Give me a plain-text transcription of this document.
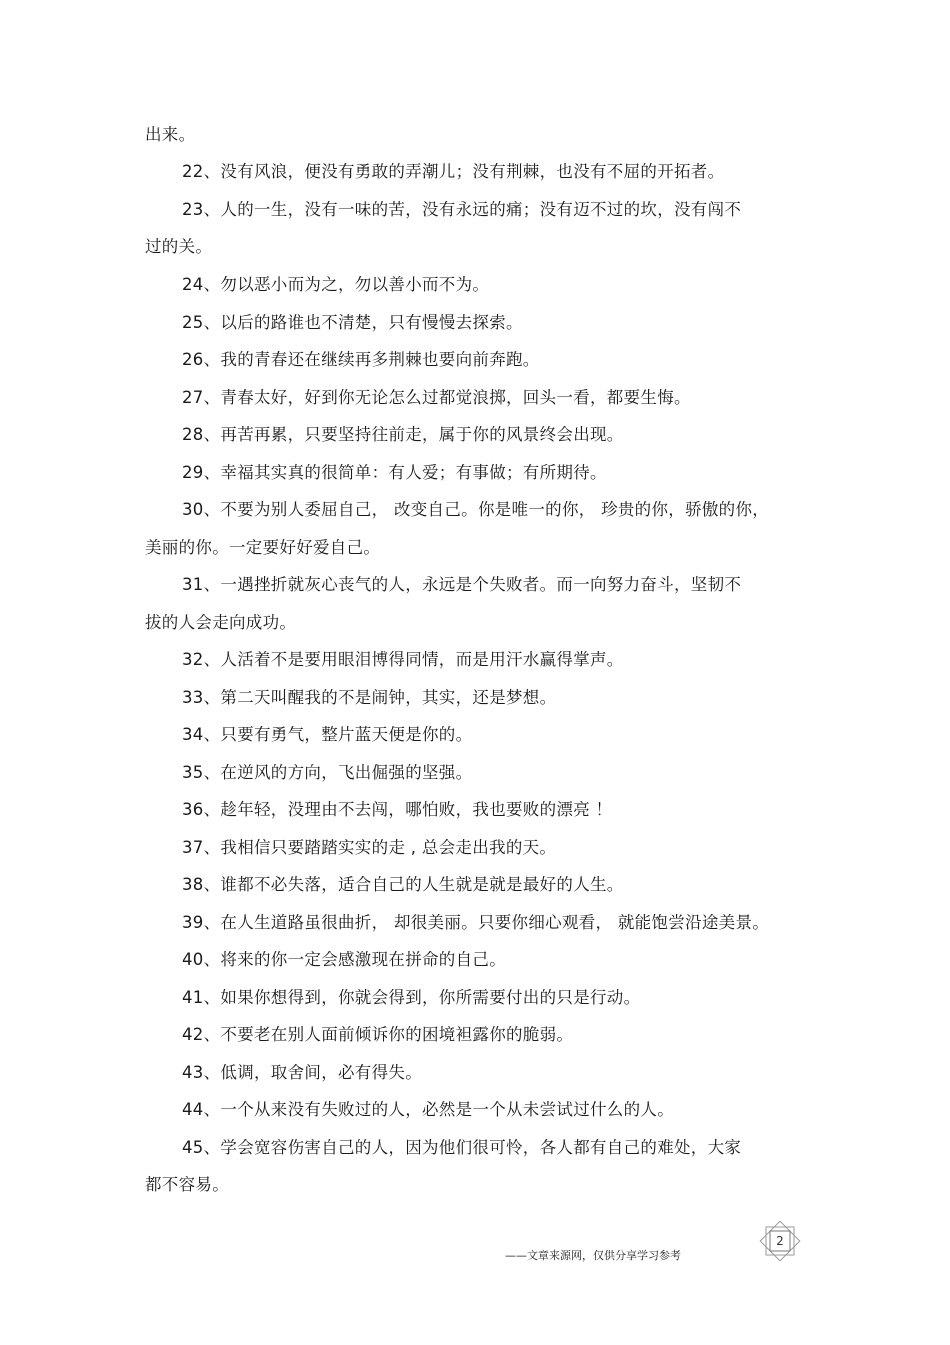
出来。
22、没有风浪，便没有勇敢的弄潮儿；没有荆棘，也没有不屈的开拓者。
23、人的一生，没有一味的苦，没有永远的痛；没有迈不过的坎，没有闯不
过的关。
24、勿以恶小而为之，勿以善小而不为。
25、以后的路谁也不清楚，只有慢慢去探索。
26、我的青春还在继续再多荆棘也要向前奔跑。
27、青春太好，好到你无论怎么过都觉浪掷，回头一看，都要生悔。
28、再苦再累，只要坚持往前走，属于你的风景终会出现。
29、幸福其实真的很简单：有人爱；有事做；有所期待。
30、不要为别人委屈自己， 改变自己。你是唯一的你， 珍贵的你，骄傲的你，
美丽的你。一定要好好爱自己。
31、一遇挫折就灰心丧气的人，永远是个失败者。而一向努力奋斗，坚韧不
拔的人会走向成功。
32、人活着不是要用眼泪博得同情，而是用汗水赢得掌声。
33、第二天叫醒我的不是闹钟，其实，还是梦想。
34、只要有勇气，整片蓝天便是你的。
35、在逆风的方向，飞出倔强的坚强。
36、趁年轻，没理由不去闯，哪怕败，我也要败的漂亮 ！
37、我相信只要踏踏实实的走 , 总会走出我的天。
38、谁都不必失落，适合自己的人生就是就是最好的人生。
39、在人生道路虽很曲折， 却很美丽。只要你细心观看， 就能饱尝沿途美景。
40、将来的你一定会感激现在拼命的自己。
41、如果你想得到，你就会得到，你所需要付出的只是行动。
42、不要老在别人面前倾诉你的困境袒露你的脆弱。
43、低调，取舍间，必有得失。
44、一个从来没有失败过的人，必然是一个从未尝试过什么的人。
45、学会宽容伤害自己的人，因为他们很可怜，各人都有自己的难处，大家
都不容易。
——文章来源网，仅供分享学习参考
2
